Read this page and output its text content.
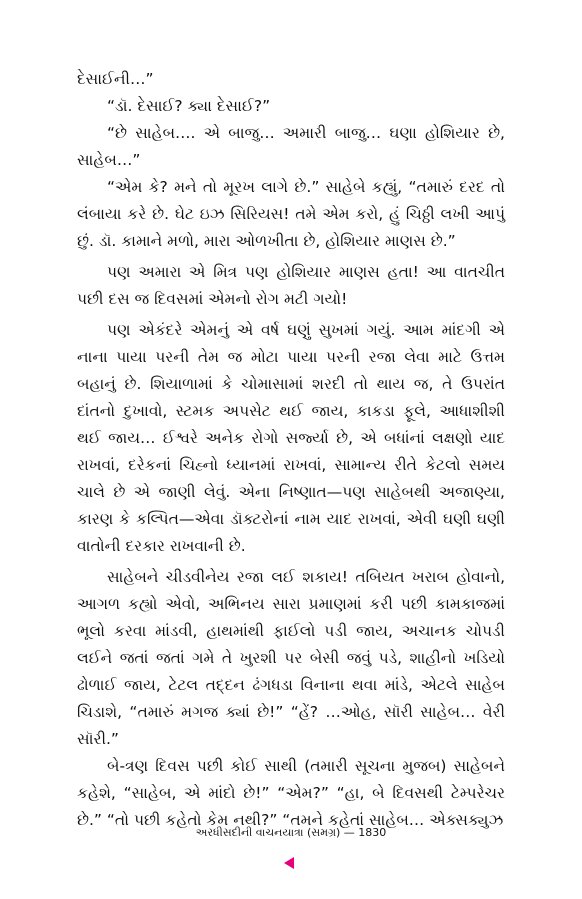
દેસાઈની…”

“ડૉ. દેસાઈ? ક્યા દેસાઈ?”

“છે સાહેબ…. એ બાજુ… અમારી બાજુ… ઘણા હોશિયાર છે, સાહેબ…”

“એમ કે? મને તો મૂરખ લાગે છે.” સાહેબે કહ્યું, “તમારું દરદ તો લંબાયા કરે છે. ઘેટ ઇઝ સિરિયસ! તમે એમ કરો, હું ચિઠ્ઠી લખી આપું છું. ડૉ. કામાને મળો, મારા ઓળખીતા છે, હોશિયાર માણસ છે.”

પણ અમારા એ મિત્ર પણ હોશિયાર માણસ હતા! આ વાતચીત પછી દસ જ દિવસમાં એમનો રોગ મટી ગયો!

પણ એકંદરે એમનું એ વર્ષ ઘણું સુખમાં ગયું. આમ માંદગી એ નાના પાયા પરની તેમ જ મોટા પાયા પરની રજા લેવા માટે ઉત્તમ બહાનું છે. શિયાળામાં કે ચોમાસામાં શરદી તો થાય જ, તે ઉપરાંત દાંતનો દુખાવો, સ્ટમક અપસેટ થઈ જાય, કાકડા ફૂલે, આધાશીશી થઈ જાય… ઈશ્વરે અનેક રોગો સર્જ્યા છે, એ બધાંનાં લક્ષણો યાદ રાખવાં, દરેકનાં ચિહ્નો ધ્યાનમાં રાખવાં, સામાન્ય રીતે કેટલો સમય ચાલે છે એ જાણી લેવું. એના નિષ્ણાત—પણ સાહેબથી અજાણ્યા, કારણ કે કલ્પિત—એવા ડૉક્ટરોનાં નામ યાદ રાખવાં, એવી ઘણી ઘણી વાતોની દરકાર રાખવાની છે.

સાહેબને ચીડવીનેય રજા લઈ શકાય! તબિયત ખરાબ હોવાનો, આગળ કહ્યો એવો, અભિનય સારા પ્રમાણમાં કરી પછી કામકાજમાં ભૂલો કરવા માંડવી, હાથમાંથી ફાઈલો પડી જાય, અચાનક ચોપડી લઈને જતાં જતાં ગમે તે ખુરશી પર બેસી જવું પડે, શાહીનો ખડિયો ઢોળાઈ જાય, ટેટલ તદ્દન ઢંગધડા વિનાના થવા માંડે, એટલે સાહેબ ચિડાશે, “તમારું મગજ ક્યાં છે!” “હેં? …ઓહ, સૉરી સાહેબ… વેરી સૉરી.”

બે-ત્રણ દિવસ પછી કોઈ સાથી (તમારી સૂચના મુજબ) સાહેબને કહેશે, “સાહેબ, એ માંદો છે!” “એમ?” “હા, બે દિવસથી ટેમ્પરેચર છે.” “તો પછી કહેતો કેમ નથી?” “તમને કહેતાં સાહેબ… એક્સક્યુઝ

અરધીસદીની વાચનયાત્રા (સમગ્ર) — 1830
